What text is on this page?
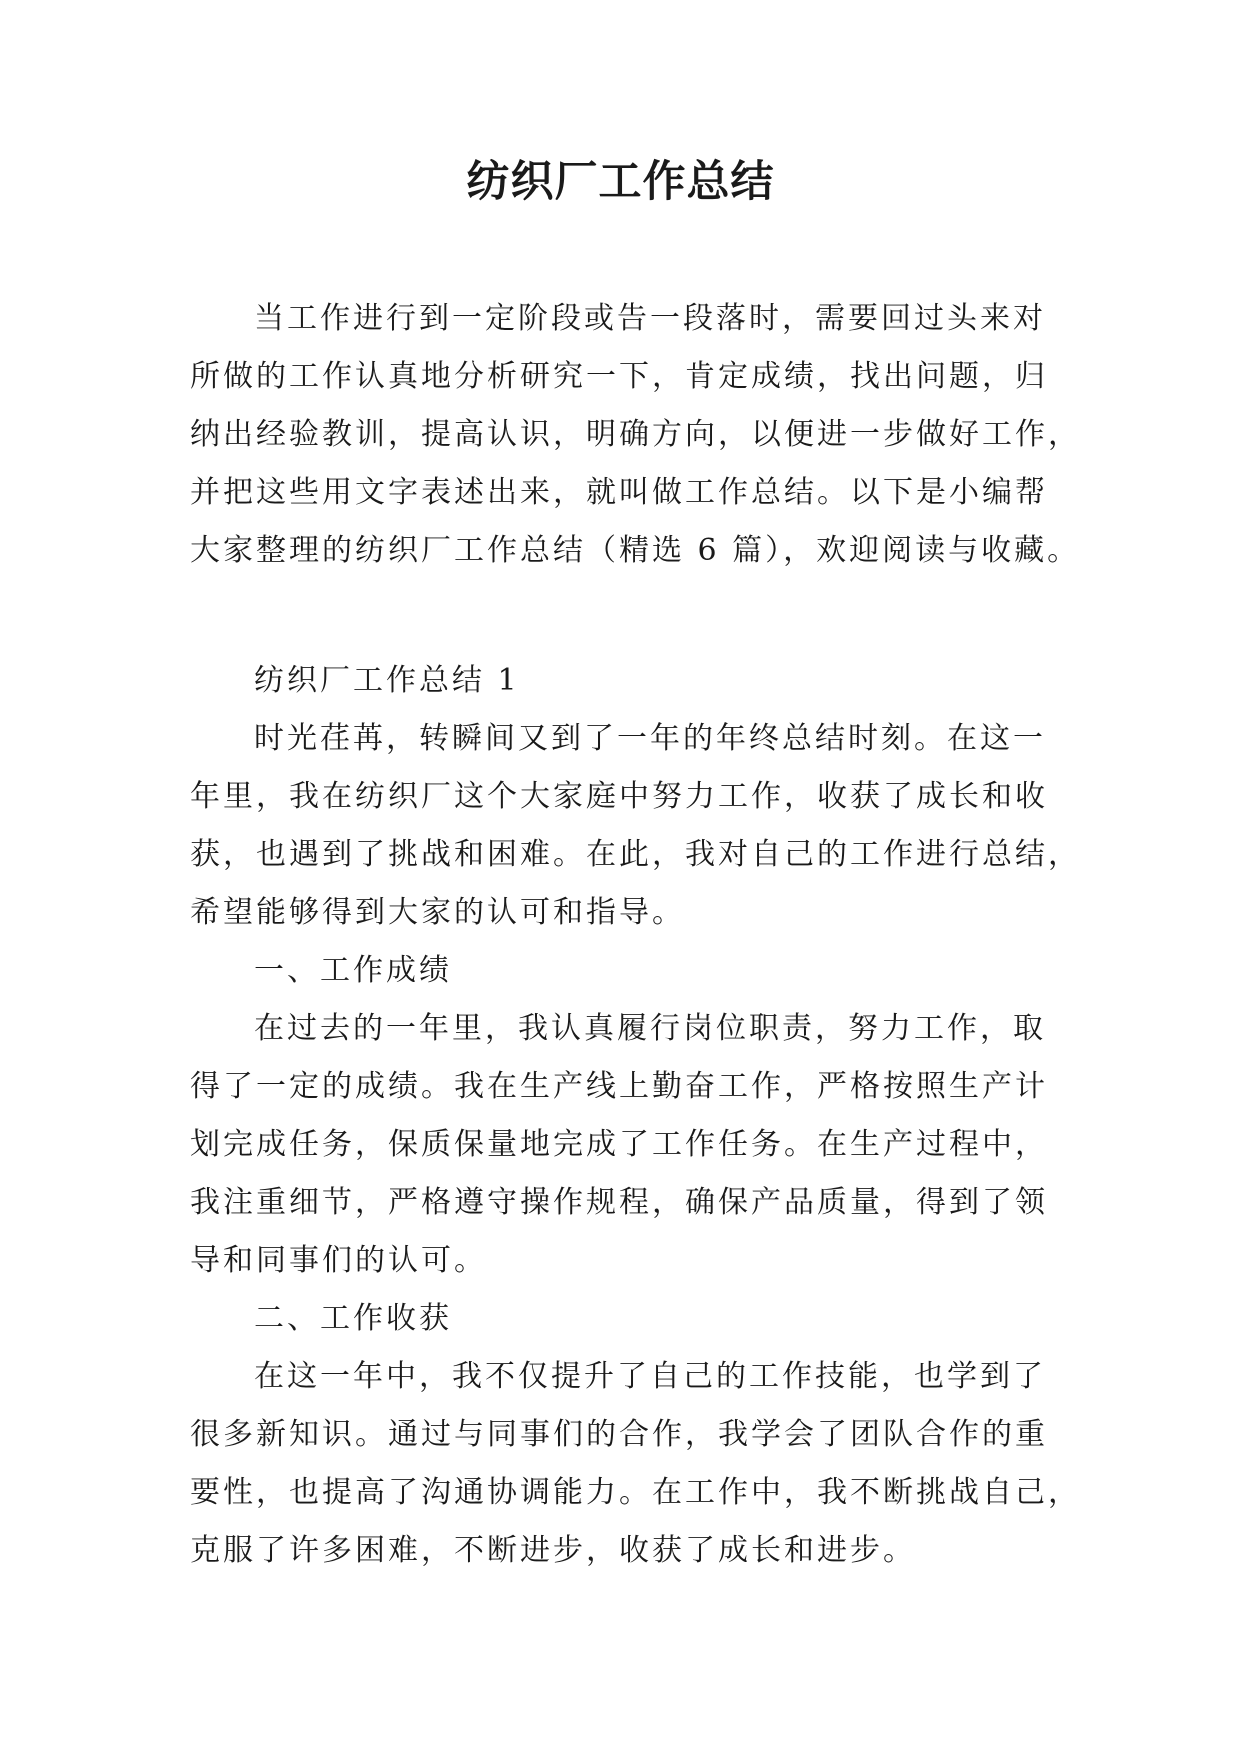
纺织厂工作总结
当工作进行到一定阶段或告一段落时，需要回过头来对
所做的工作认真地分析研究一下，肯定成绩，找出问题，归
纳出经验教训，提高认识，明确方向，以便进一步做好工作，
并把这些用文字表述出来，就叫做工作总结。以下是小编帮
大家整理的纺织厂工作总结（精选 6 篇），欢迎阅读与收藏。
纺织厂工作总结 1
时光荏苒，转瞬间又到了一年的年终总结时刻。在这一
年里，我在纺织厂这个大家庭中努力工作，收获了成长和收
获，也遇到了挑战和困难。在此，我对自己的工作进行总结，
希望能够得到大家的认可和指导。
一、工作成绩
在过去的一年里，我认真履行岗位职责，努力工作，取
得了一定的成绩。我在生产线上勤奋工作，严格按照生产计
划完成任务，保质保量地完成了工作任务。在生产过程中，
我注重细节，严格遵守操作规程，确保产品质量，得到了领
导和同事们的认可。
二、工作收获
在这一年中，我不仅提升了自己的工作技能，也学到了
很多新知识。通过与同事们的合作，我学会了团队合作的重
要性，也提高了沟通协调能力。在工作中，我不断挑战自己，
克服了许多困难，不断进步，收获了成长和进步。
